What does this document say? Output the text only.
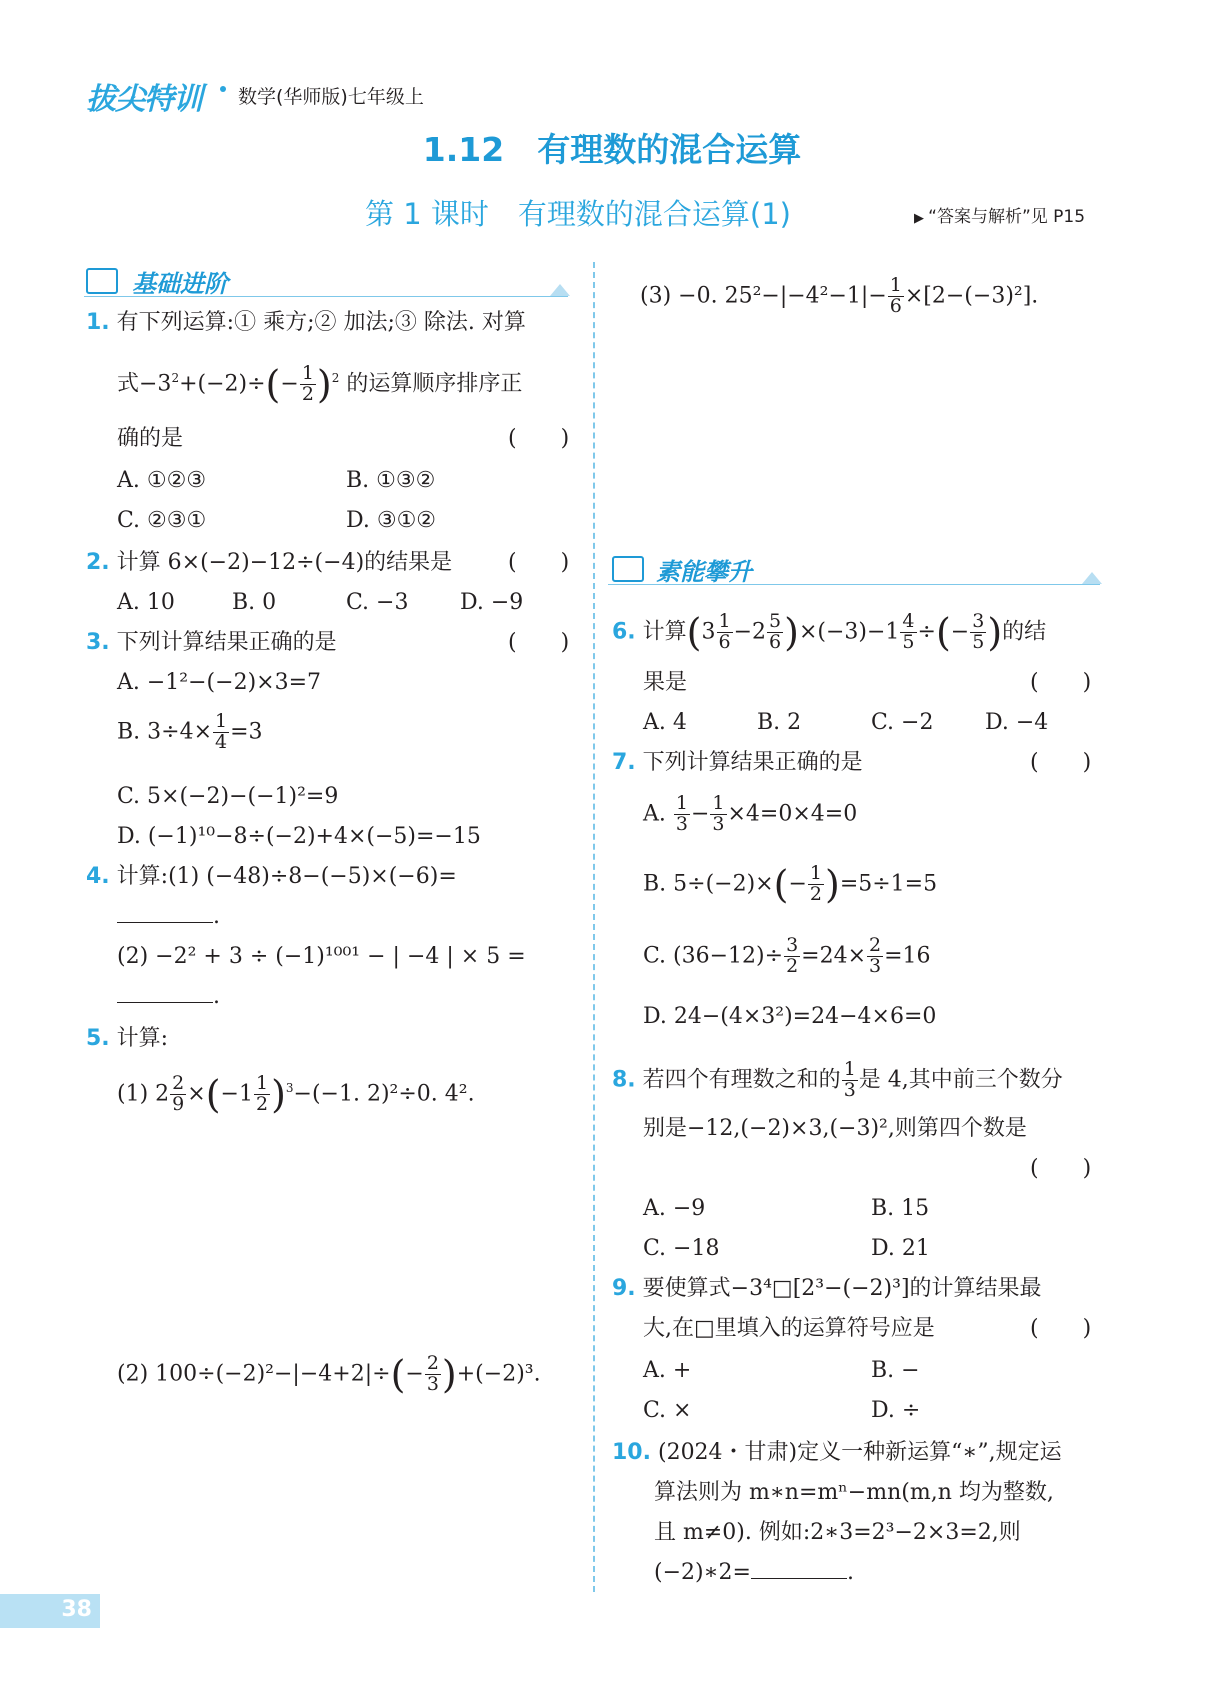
拔尖特训 数学(华师版)七年级上
1.12　有理数的混合运算
第 1 课时　有理数的混合运算(1)	▶ “答案与解析”见 P15
基础进阶
1. 有下列运算:① 乘方;② 加法;③ 除法. 对算
式$-3^2+(-2)\div(- \frac{1}{2} )^2$ 的运算顺序排序正
确的是	(　　)
A. ①②③	B. ①③②
C. ②③①	D. ③①②
2. 计算 6×(−2)−12÷(−4)的结果是	(　　)
A. 10	B. 0	C. −3 D. −9
3. 下列计算结果正确的是	(　　)
A. −1²−(−2)×3=7
B. $3\div 4\times \frac{1}{4} =3$
C. 5×(−2)−(−1)²=9
D. (−1)¹⁰−8÷(−2)+4×(−5)=−15
4. 计算:(1) (−48)÷8−(−5)×(−6)=
.
(2) −2² + 3 ÷ (−1)¹⁰⁰¹ − | −4 | × 5 =
.
5. 计算:
(1) $2 \frac{2}{9} \times(-1 \frac{1}{2} )^3-(-1$. 2)²÷0. 4².
(2) $100\div(-2)^2-|-4+2|\div(- \frac{2}{3} )+(-2)^3$.
(3) −0. $25^2-|-4^2-1|- \frac{1}{6} \times[2-(-3)^2]$.
素能攀升
6. 计算$(3 \frac{1}{6} -2 \frac{5}{6} )\times(-3)-1 \frac{4}{5}$ ÷(− $\frac{3}{5}$ )的结
果是	(　　)
A. 4	B. 2	C. −2 D. −4
7. 下列计算结果正确的是	(　　)
A. $\frac{1}{3} - \frac{1}{3} \times 4=0\times 4=0$
B. $5\div(-2)\times(- \frac{1}{2} )=5\div 1=5$
C. $(36-12)\div \frac{3}{2} =24\times \frac{2}{3} =16$
D. 24−(4×3²)=24−4×6=0
8. 若四个有理数之和的 $\frac{1}{3}$ 是 4,其中前三个数分
别是−12,(−2)×3,(−3)²,则第四个数是
(　　)
A. −9	B. 15
C. −18	D. 21
9. 要使算式−3⁴□[2³−(−2)³]的计算结果最
大,在□里填入的运算符号应是	(　　)
A. +	B. −
C. ×	D. ÷
10. (2024・甘肃)定义一种新运算“∗”,规定运
算法则为 m∗n=mⁿ−mn(m,n 均为整数,
且 m≠0). 例如:2∗3=2³−2×3=2,则
(−2)∗2=	.
38
